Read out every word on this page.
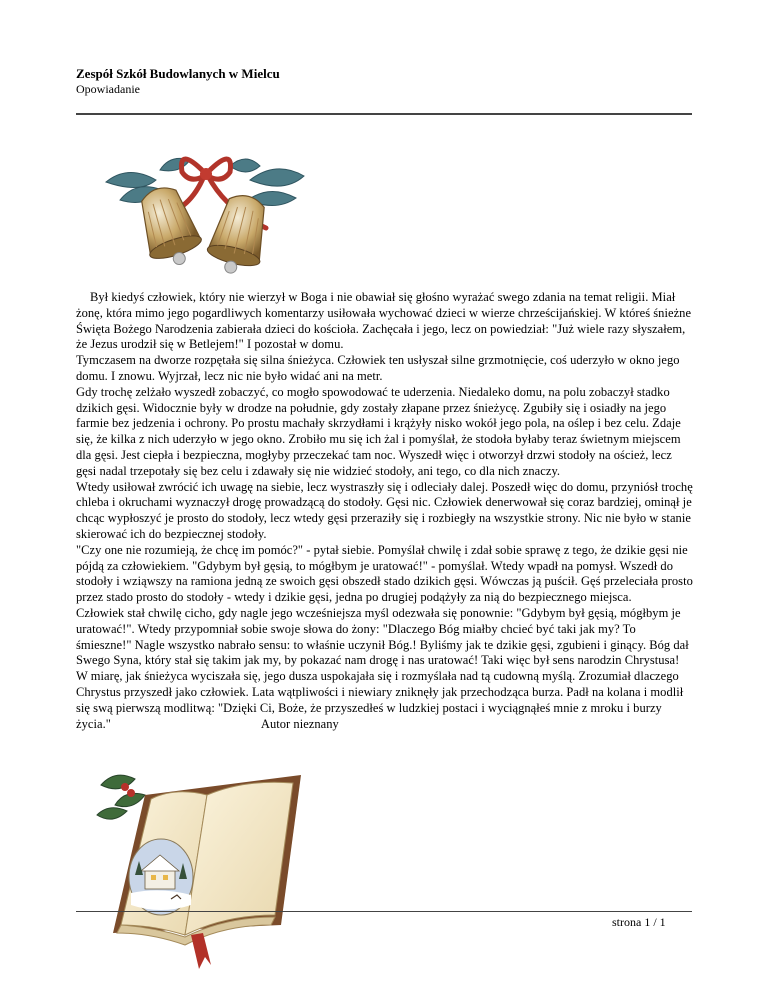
Zespół Szkół Budowlanych w Mielcu
Opowiadanie

Był kiedyś człowiek, który nie wierzył w Boga i nie obawiał się głośno wyrażać swego zdania na temat religii. Miał żonę, która mimo jego pogardliwych komentarzy usiłowała wychować dzieci w wierze chrześcijańskiej. W któreś śnieżne Święta Bożego Narodzenia zabierała dzieci do kościoła. Zachęcała i jego, lecz on powiedział: "Już wiele razy słyszałem, że Jezus urodził się w Betlejem!" I pozostał w domu.

Tymczasem na dworze rozpętała się silna śnieżyca. Człowiek ten usłyszał silne grzmotnięcie, coś uderzyło w okno jego domu. I znowu. Wyjrzał, lecz nic nie było widać ani na metr.

Gdy trochę zelżało wyszedł zobaczyć, co mogło spowodować te uderzenia. Niedaleko domu, na polu zobaczył stadko dzikich gęsi. Widocznie były w drodze na południe, gdy zostały złapane przez śnieżycę. Zgubiły się i osiadły na jego farmie bez jedzenia i ochrony. Po prostu machały skrzydłami i krążyły nisko wokół jego pola, na oślep i bez celu. Zdaje się, że kilka z nich uderzyło w jego okno. Zrobiło mu się ich żal i pomyślał, że stodoła byłaby teraz świetnym miejscem dla gęsi. Jest ciepła i bezpieczna, mogłyby przeczekać tam noc. Wyszedł więc i otworzył drzwi stodoły na oścież, lecz gęsi nadal trzepotały się bez celu i zdawały się nie widzieć stodoły, ani tego, co dla nich znaczy.

Wtedy usiłował zwrócić ich uwagę na siebie, lecz wystraszły się i odleciały dalej. Poszedł więc do domu, przyniósł trochę chleba i okruchami wyznaczył drogę prowadzącą do stodoły. Gęsi nic. Człowiek denerwował się coraz bardziej, ominął je chcąc wypłoszyć je prosto do stodoły, lecz wtedy gęsi przeraziły się i rozbiegły na wszystkie strony. Nic nie było w stanie skierować ich do bezpiecznej stodoły.

"Czy one nie rozumieją, że chcę im pomóc?" - pytał siebie. Pomyślał chwilę i zdał sobie sprawę z tego, że dzikie gęsi nie pójdą za człowiekiem. "Gdybym był gęsią, to mógłbym je uratować!" - pomyślał. Wtedy wpadł na pomysł. Wszedł do stodoły i wziąwszy na ramiona jedną ze swoich gęsi obszedł stado dzikich gęsi. Wówczas ją puścił. Gęś przeleciała prosto przez stado prosto do stodoły - wtedy i dzikie gęsi, jedna po drugiej podążyły za nią do bezpiecznego miejsca.

Człowiek stał chwilę cicho, gdy nagle jego wcześniejsza myśl odezwała się ponownie: "Gdybym był gęsią, mógłbym je uratować!". Wtedy przypomniał sobie swoje słowa do żony: "Dlaczego Bóg miałby chcieć być taki jak my? To śmieszne!" Nagle wszystko nabrało sensu: to właśnie uczynił Bóg.! Byliśmy jak te dzikie gęsi, zgubieni i ginący. Bóg dał Swego Syna, który stał się takim jak my, by pokazać nam drogę i nas uratować! Taki więc był sens narodzin Chrystusa!

W miarę, jak śnieżyca wyciszała się, jego dusza uspokajała się i rozmyślała nad tą cudowną myślą. Zrozumiał dlaczego Chrystus przyszedł jako człowiek. Lata wątpliwości i niewiary zniknęły jak przechodząca burza. Padł na kolana i modlił się swą pierwszą modlitwą: "Dzięki Ci, Boże, że przyszedłeś w ludzkiej postaci i wyciągnąłeś mnie z mroku i burzy życia."	Autor nieznany

strona 1 / 1
